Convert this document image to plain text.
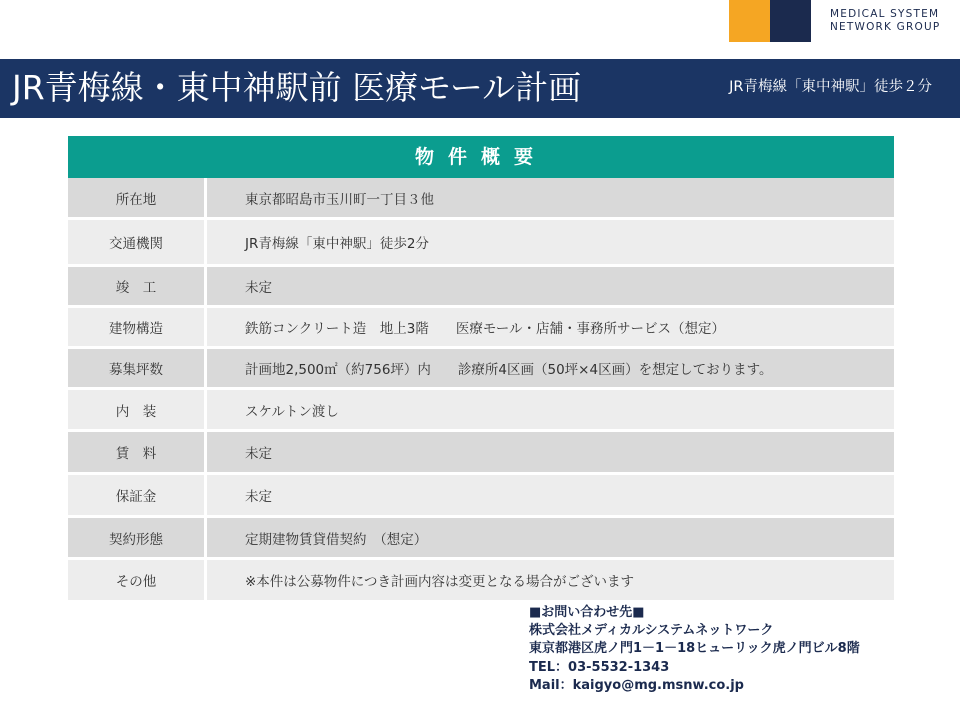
MEDICAL SYSTEM
NETWORK GROUP
JR青梅線・東中神駅前 医療モール計画	JR青梅線「東中神駅」徒歩２分
物件概要
所在地	東京都昭島市玉川町一丁目３他
交通機関	JR青梅線「東中神駅」徒歩2分
竣　工	未定
建物構造	鉄筋コンクリート造　地上3階　　医療モール・店舗・事務所サービス（想定）
募集坪数	計画地2,500㎡（約756坪）内　　診療所4区画（50坪×4区画）を想定しております。
内　装	スケルトン渡し
賃　料	未定
保証金	未定
契約形態	定期建物賃貸借契約　（想定）
その他	※本件は公募物件につき計画内容は変更となる場合がございます
■お問い合わせ先■
株式会社メディカルシステムネットワーク
東京都港区虎ノ門1－1－18ヒューリック虎ノ門ビル8階
TEL：03-5532-1343
Mail：kaigyo@mg.msnw.co.jp
